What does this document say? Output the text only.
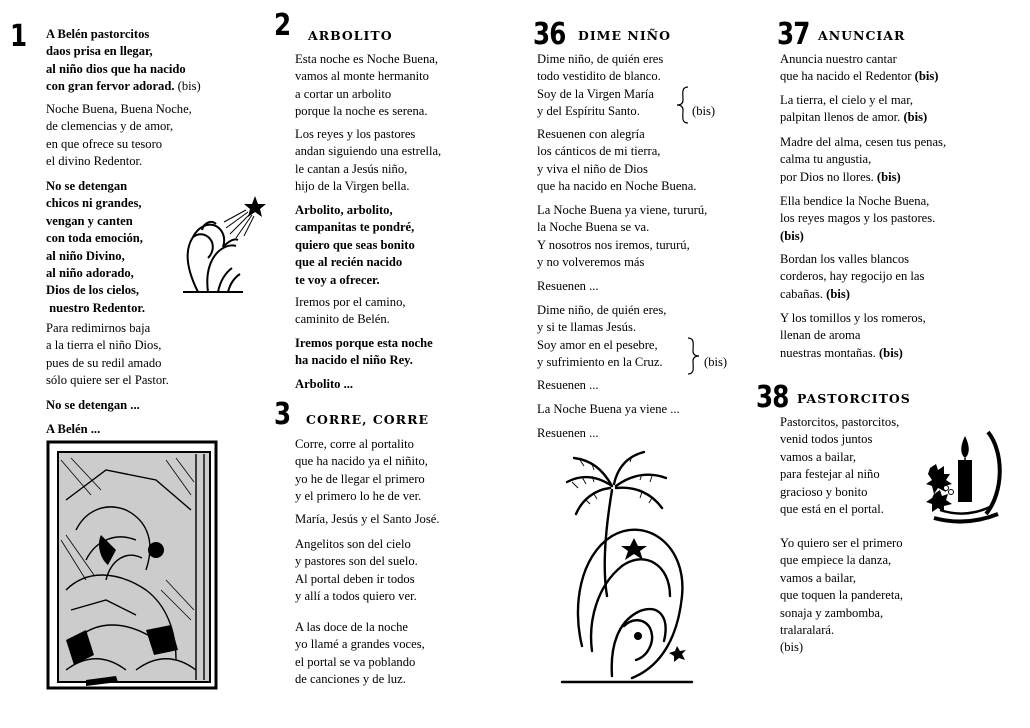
1 A Belén pastorcitos
daos prisa en llegar,
al niño dios que ha nacido
con gran fervor adorad. (bis)
Noche Buena, Buena Noche,
de clemencias y de amor,
en que ofrece su tesoro
el divino Redentor.
No se detengan
chicos ni grandes,
vengan y canten
con toda emoción,
al niño Divino,
al niño adorado,
Dios de los cielos,
nuestro Redentor.
Para redimirnos baja
a la tierra el niño Dios,
pues de su redil amado
sólo quiere ser el Pastor.
No se detengan ...
A Belén ...
2 ARBOLITO
Esta noche es Noche Buena,
vamos al monte hermanito
a cortar un arbolito
porque la noche es serena.
Los reyes y los pastores
andan siguiendo una estrella,
le cantan a Jesús niño,
hijo de la Virgen bella.
Arbolito, arbolito,
campanitas te pondré,
quiero que seas bonito
que al recién nacido
te voy a ofrecer.
Iremos por el camino,
caminito de Belén.
Iremos porque esta noche
ha nacido el niño Rey.
Arbolito ...
3 CORRE, CORRE
Corre, corre al portalito
que ha nacido ya el niñito,
yo he de llegar el primero
y el primero lo he de ver.
María, Jesús y el Santo José.
Angelitos son del cielo
y pastores son del suelo.
Al portal deben ir todos
y allí a todos quiero ver.
A las doce de la noche
yo llamé a grandes voces,
el portal se va poblando
de canciones y de luz.
36 DIME NIÑO
Dime niño, de quién eres
todo vestidito de blanco.
Soy de la Virgen María
y del Espíritu Santo.	(bis)
Resuenen con alegría
los cánticos de mi tierra,
y viva el niño de Dios
que ha nacido en Noche Buena.
La Noche Buena ya viene, tururú,
la Noche Buena se va.
Y nosotros nos iremos, tururú,
y no volveremos más
Resuenen ...
Dime niño, de quién eres,
y si te llamas Jesús.
Soy amor en el pesebre,
y sufrimiento en la Cruz.	(bis)
Resuenen ...
La Noche Buena ya viene ...
Resuenen ...
37 ANUNCIAR
Anuncia nuestro cantar
que ha nacido el Redentor (bis)
La tierra, el cielo y el mar,
palpitan llenos de amor. (bis)
Madre del alma, cesen tus penas,
calma tu angustia,
por Dios no llores. (bis)
Ella bendice la Noche Buena,
los reyes magos y los pastores.
(bis)
Bordan los valles blancos
corderos, hay regocijo en las
cabañas. (bis)
Y los tomillos y los romeros,
llenan de aroma
nuestras montañas. (bis)
38 PASTORCITOS
Pastorcitos, pastorcitos,
venid todos juntos
vamos a bailar,
para festejar al niño
gracioso y bonito
que está en el portal.
Yo quiero ser el primero
que empiece la danza,
vamos a bailar,
que toquen la pandereta,
sonaja y zambomba,
tralaralará.
(bis)
